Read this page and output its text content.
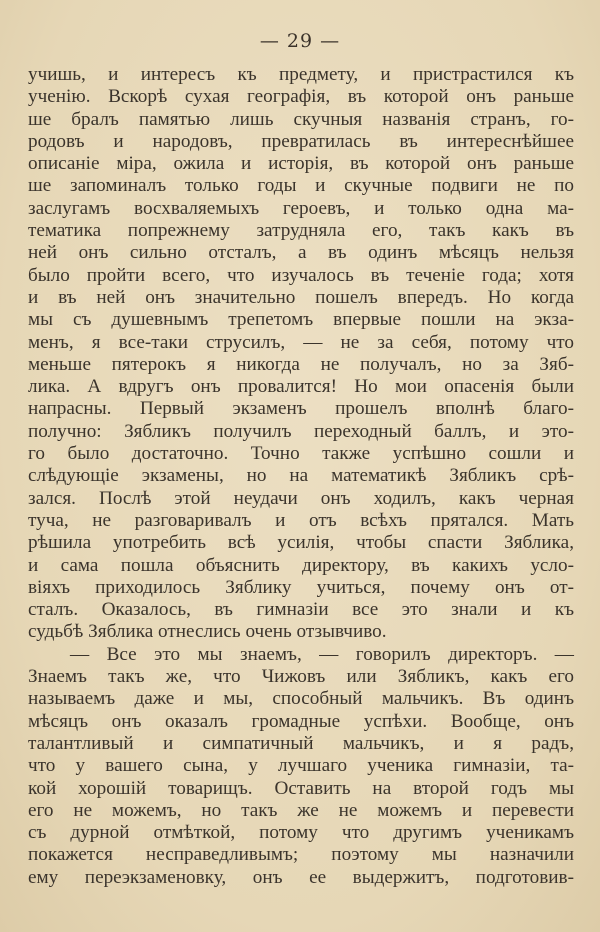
— 29 —
учишь, и интересъ къ предмету, и пристрастился къ
ученію. Вскорѣ сухая географія, въ которой онъ раньше
ше бралъ памятью лишь скучныя названія странъ, го-
родовъ и народовъ, превратилась въ интереснѣйшее
описаніе міра, ожила и исторія, въ которой онъ раньше
ше запоминалъ только годы и скучные подвиги не по
заслугамъ восхваляемыхъ героевъ, и только одна ма-
тематика попрежнему затрудняла его, такъ какъ въ
ней онъ сильно отсталъ, а въ одинъ мѣсяцъ нельзя
было пройти всего, что изучалось въ теченіе года; хотя
и въ ней онъ значительно пошелъ впередъ. Но когда
мы съ душевнымъ трепетомъ впервые пошли на экза-
менъ, я все-таки струсилъ, — не за себя, потому что
меньше пятерокъ я никогда не получалъ, но за Зяб-
лика. А вдругъ онъ провалится! Но мои опасенія были
напрасны. Первый экзаменъ прошелъ вполнѣ благо-
получно: Зябликъ получилъ переходный баллъ, и это-
го было достаточно. Точно также успѣшно сошли и
слѣдующіе экзамены, но на математикѣ Зябликъ срѣ-
зался. Послѣ этой неудачи онъ ходилъ, какъ черная
туча, не разговаривалъ и отъ всѣхъ прятался. Мать
рѣшила употребить всѣ усилія, чтобы спасти Зяблика,
и сама пошла объяснить директору, въ какихъ усло-
віяхъ приходилось Зяблику учиться, почему онъ от-
сталъ. Оказалось, въ гимназіи все это знали и къ
судьбѣ Зяблика отнеслись очень отзывчиво.
— Все это мы знаемъ, — говорилъ директоръ. —
Знаемъ такъ же, что Чижовъ или Зябликъ, какъ его
называемъ даже и мы, способный мальчикъ. Въ одинъ
мѣсяцъ онъ оказалъ громадные успѣхи. Вообще, онъ
талантливый и симпатичный мальчикъ, и я радъ,
что у вашего сына, у лучшаго ученика гимназіи, та-
кой хорошій товарищъ. Оставить на второй годъ мы
его не можемъ, но такъ же не можемъ и перевести
съ дурной отмѣткой, потому что другимъ ученикамъ
покажется несправедливымъ; поэтому мы назначили
ему переэкзаменовку, онъ ее выдержитъ, подготовив-
